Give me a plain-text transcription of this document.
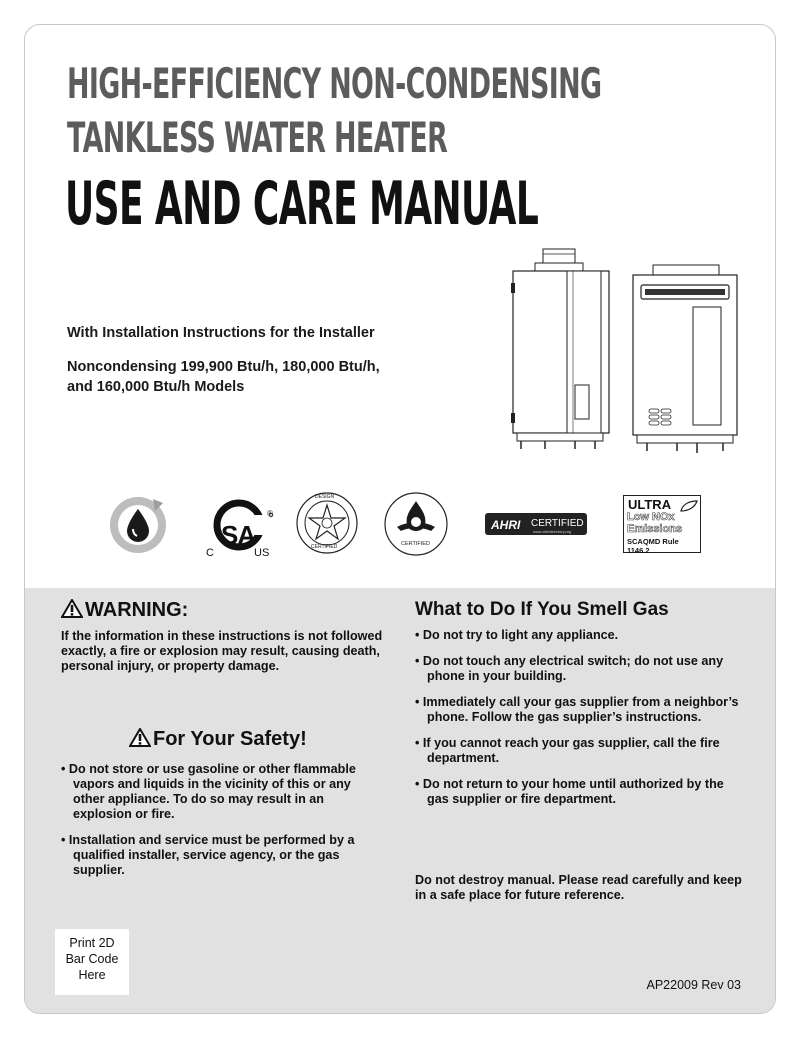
HIGH-EFFICIENCY NON-CONDENSING
TANKLESS WATER HEATER
USE AND CARE MANUAL
With Installation Instructions for the Installer
Noncondensing 199,900 Btu/h, 180,000 Btu/h,
and 160,000 Btu/h Models
SA
C	US
®
DESIGN
CERTIFIED	CERTIFIED
AHRI CERTIFIED
www.ahridirectory.org
ULTRA
Low NOx
Emissions
SCAQMD Rule 1146.2
WARNING:

If the information in these instructions is not followed exactly, a fire or explosion may result, causing death, personal injury, or property damage.

For Your Safety!
• Do not store or use gasoline or other flammable vapors and liquids in the vicinity of this or any other appliance. To do so may result in an explosion or fire.
• Installation and service must be performed by a qualified installer, service agency, or the gas supplier.
What to Do If You Smell Gas
• Do not try to light any appliance.
• Do not touch any electrical switch; do not use any phone in your building.
• Immediately call your gas supplier from a neighbor’s phone. Follow the gas supplier’s instructions.
• If you cannot reach your gas supplier, call the fire department.
• Do not return to your home until authorized by the gas supplier or fire department.

Do not destroy manual. Please read carefully and keep in a safe place for future reference.

Print 2D
Bar Code
Here
AP22009 Rev 03
